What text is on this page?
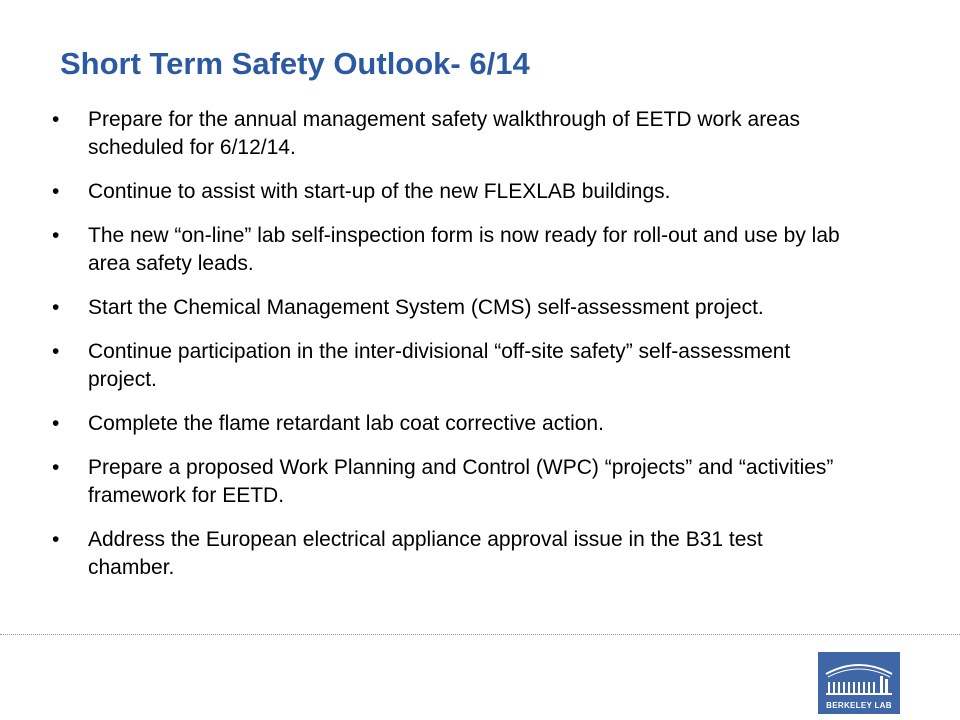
Short Term Safety Outlook- 6/14
•	Prepare for the annual management safety walkthrough of EETD work areas scheduled for 6/12/14.
•	Continue to assist with start-up of the new FLEXLAB buildings.
•	The new “on-line” lab self-inspection form is now ready for roll-out and use by lab area safety leads.
•	Start the Chemical Management System (CMS) self-assessment project.
•	Continue participation in the inter-divisional “off-site safety” self-assessment project.
•	Complete the flame retardant lab coat corrective action.
•	Prepare a proposed Work Planning and Control (WPC) “projects” and “activities” framework for EETD.
•	Address the European electrical appliance approval issue in the B31 test chamber.
BERKELEY LAB
